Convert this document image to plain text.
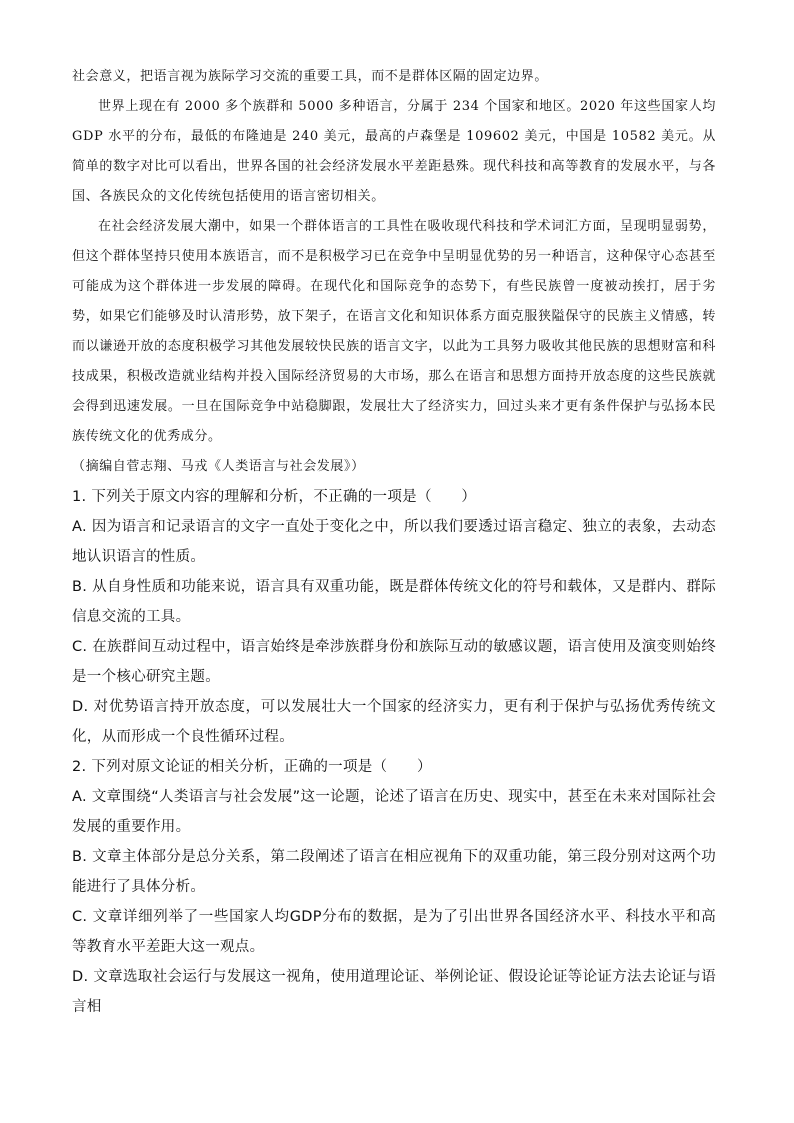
社会意义，把语言视为族际学习交流的重要工具，而不是群体区隔的固定边界。

世界上现在有 2000 多个族群和 5000 多种语言，分属于 234 个国家和地区。2020 年这些国家人均 GDP 水平的分布，最低的布隆迪是 240 美元，最高的卢森堡是 109602 美元，中国是 10582 美元。从简单的数字对比可以看出，世界各国的社会经济发展水平差距悬殊。现代科技和高等教育的发展水平，与各国、各族民众的文化传统包括使用的语言密切相关。

在社会经济发展大潮中，如果一个群体语言的工具性在吸收现代科技和学术词汇方面，呈现明显弱势，但这个群体坚持只使用本族语言，而不是积极学习已在竞争中呈明显优势的另一种语言，这种保守心态甚至可能成为这个群体进一步发展的障碍。在现代化和国际竞争的态势下，有些民族曾一度被动挨打，居于劣势，如果它们能够及时认清形势，放下架子，在语言文化和知识体系方面克服狭隘保守的民族主义情感，转而以谦逊开放的态度积极学习其他发展较快民族的语言文字，以此为工具努力吸收其他民族的思想财富和科技成果，积极改造就业结构并投入国际经济贸易的大市场，那么在语言和思想方面持开放态度的这些民族就会得到迅速发展。一旦在国际竞争中站稳脚跟，发展壮大了经济实力，回过头来才更有条件保护与弘扬本民族传统文化的优秀成分。

（摘编自菅志翔、马戎《人类语言与社会发展》）

1. 下列关于原文内容的理解和分析，不正确的一项是（　　）

A. 因为语言和记录语言的文字一直处于变化之中，所以我们要透过语言稳定、独立的表象，去动态地认识语言的性质。

B. 从自身性质和功能来说，语言具有双重功能，既是群体传统文化的符号和载体，又是群内、群际信息交流的工具。

C. 在族群间互动过程中，语言始终是牵涉族群身份和族际互动的敏感议题，语言使用及演变则始终是一个核心研究主题。

D. 对优势语言持开放态度，可以发展壮大一个国家的经济实力，更有利于保护与弘扬优秀传统文化，从而形成一个良性循环过程。

2. 下列对原文论证的相关分析，正确的一项是（　　）

A. 文章围绕“人类语言与社会发展”这一论题，论述了语言在历史、现实中，甚至在未来对国际社会发展的重要作用。

B. 文章主体部分是总分关系，第二段阐述了语言在相应视角下的双重功能，第三段分别对这两个功能进行了具体分析。

C. 文章详细列举了一些国家人均GDP分布的数据，是为了引出世界各国经济水平、科技水平和高等教育水平差距大这一观点。

D. 文章选取社会运行与发展这一视角，使用道理论证、举例论证、假设论证等论证方法去论证与语言相
